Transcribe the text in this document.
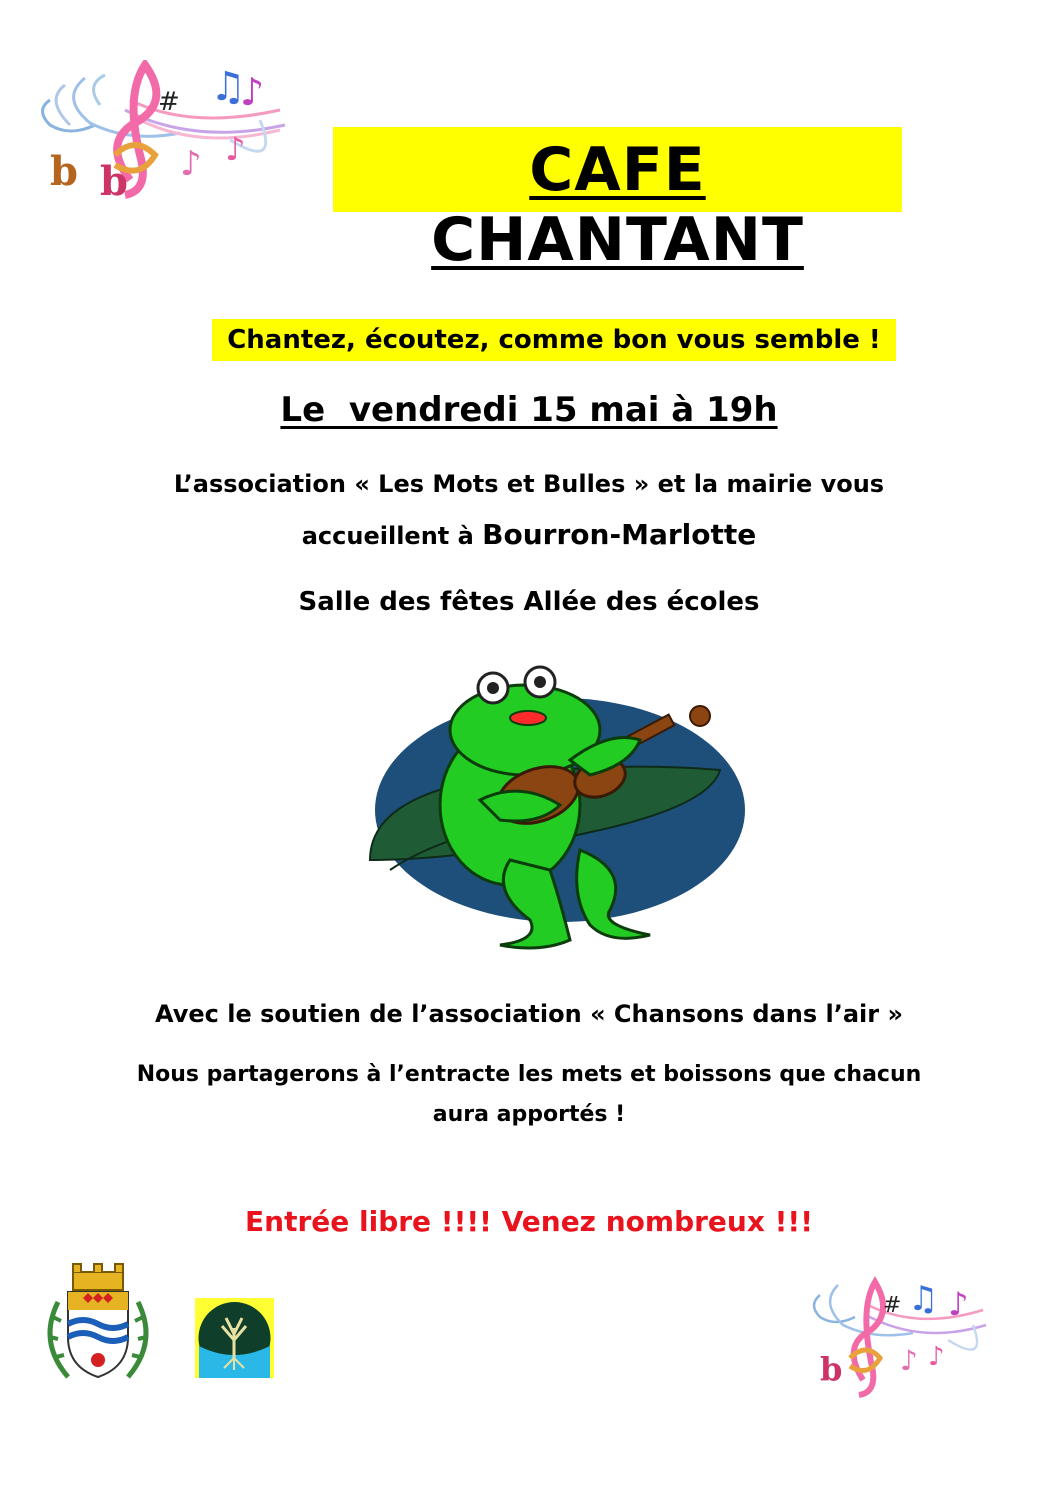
b b
#
♪
♫
♪
♪	CAFE CHANTANT
Chantez, écoutez, comme bon vous semble !
Le  vendredi 15 mai à 19h
L’association « Les Mots et Bulles » et la mairie vous
accueillent à Bourron-Marlotte
Salle des fêtes Allée des écoles
Avec le soutien de l’association « Chansons dans l’air »
Nous partagerons à l’entracte les mets et boissons que chacun
aura apportés !
Entrée libre !!!! Venez nombreux !!!
b
#
♪
♫ ♪
♪
